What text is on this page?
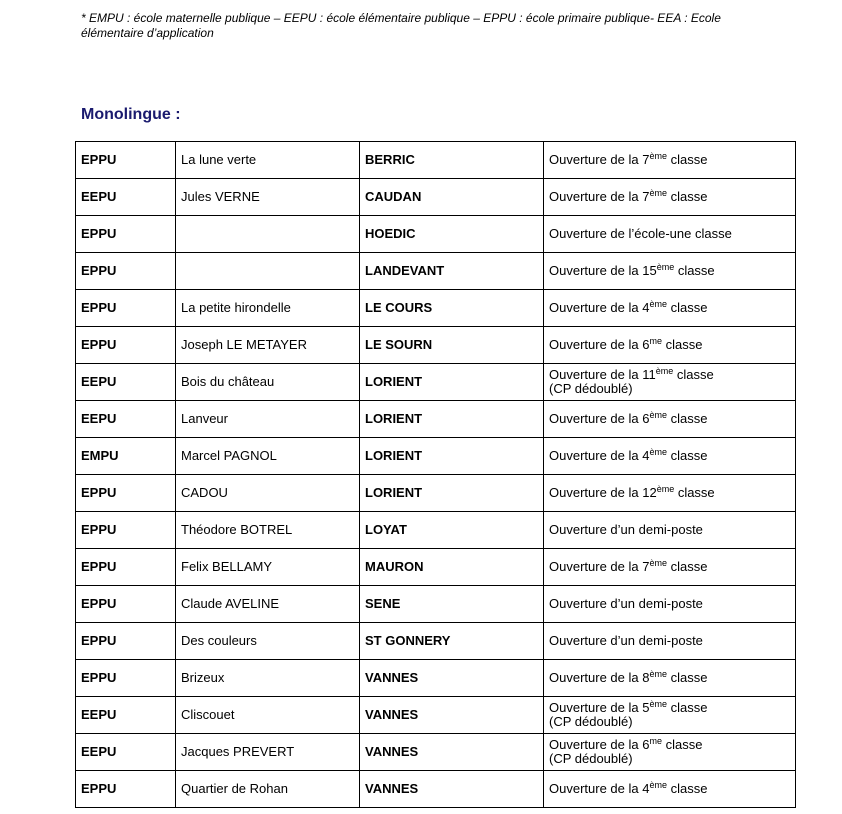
* EMPU : école maternelle publique – EEPU : école élémentaire publique – EPPU : école primaire publique- EEA : Ecole élémentaire d’application
Monolingue :
EPPU	La lune verte	BERRIC	Ouverture de la 7ème classe
EEPU	Jules VERNE	CAUDAN	Ouverture de la 7ème classe
EPPU		HOEDIC	Ouverture de l’école-une classe
EPPU		LANDEVANT	Ouverture de la 15ème classe
EPPU	La petite hirondelle	LE COURS	Ouverture de la 4ème classe
EPPU	Joseph LE METAYER	LE SOURN	Ouverture de la $6^{me}$ classe
EEPU	Bois du château	LORIENT	Ouverture de la 11ème classe
(CP dédoublé)
EEPU	Lanveur	LORIENT	Ouverture de la 6ème classe
EMPU	Marcel PAGNOL	LORIENT	Ouverture de la 4ème classe
EPPU	CADOU	LORIENT	Ouverture de la 12ème classe
EPPU	Théodore BOTREL	LOYAT	Ouverture d’un demi-poste
EPPU	Felix BELLAMY	MAURON	Ouverture de la 7ème classe
EPPU	Claude AVELINE	SENE	Ouverture d’un demi-poste
EPPU	Des couleurs	ST GONNERY	Ouverture d’un demi-poste
EPPU	Brizeux	VANNES	Ouverture de la 8ème classe
EEPU	Cliscouet	VANNES	Ouverture de la 5ème classe
(CP dédoublé)
EEPU	Jacques PREVERT	VANNES	Ouverture de la $6^{me}$ classe
(CP dédoublé)
EPPU	Quartier de Rohan	VANNES	Ouverture de la 4ème classe
